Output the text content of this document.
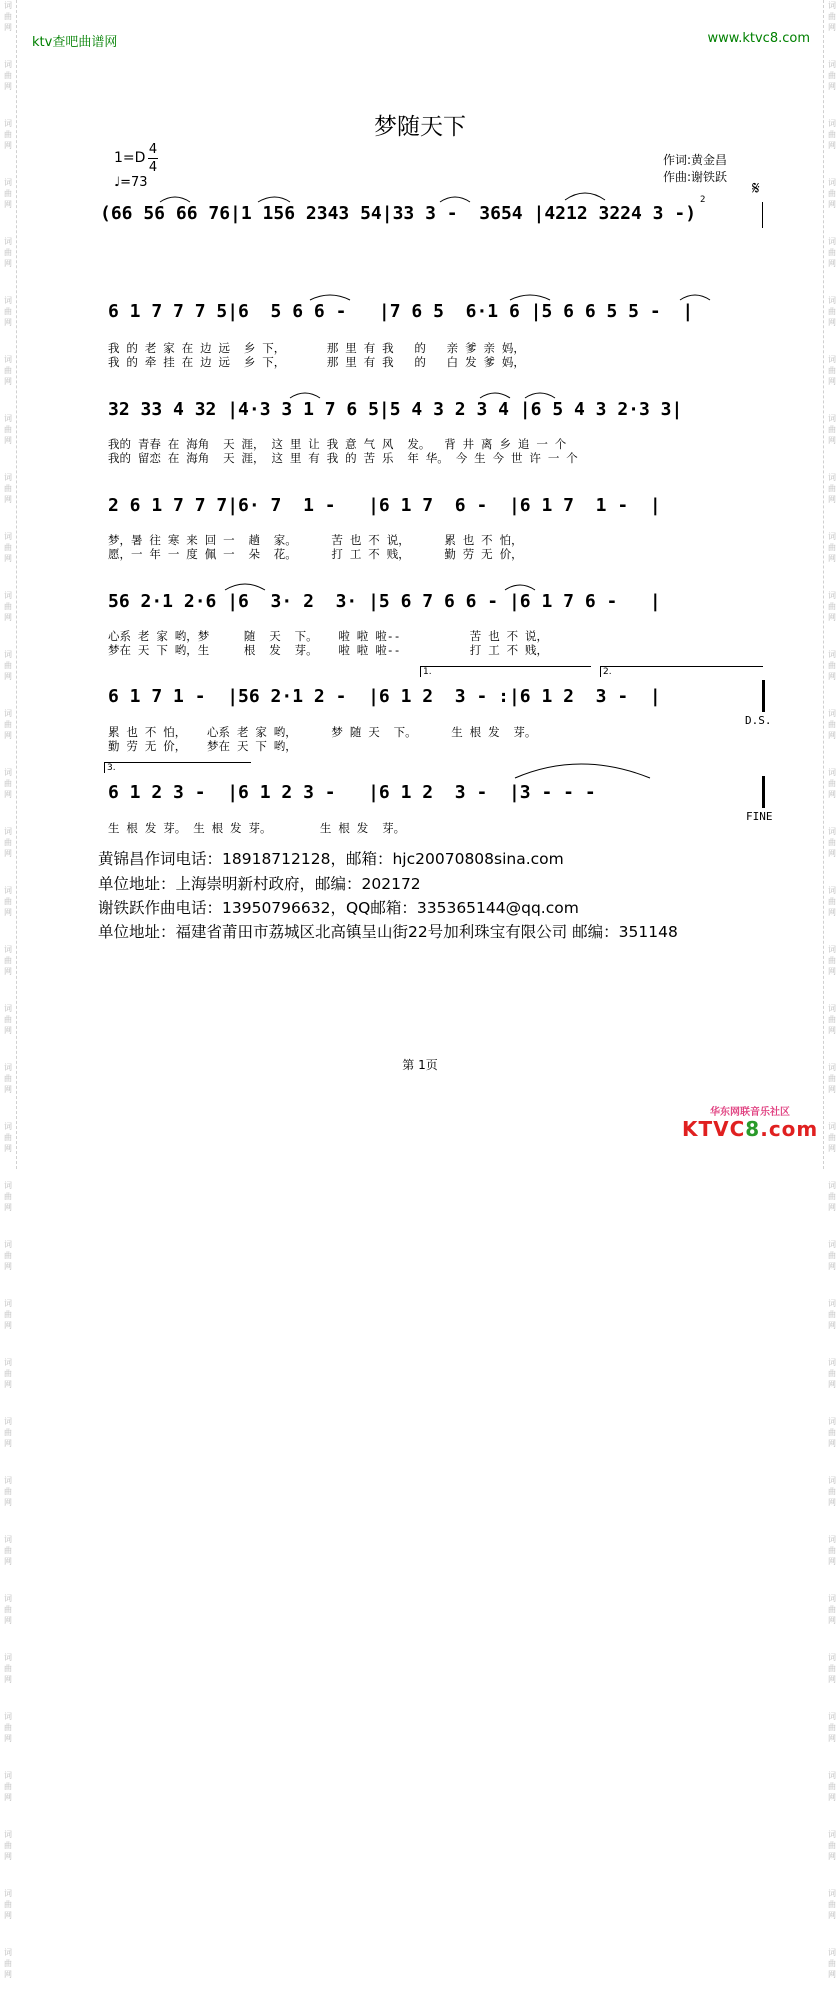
词
曲
网
词
曲
网
词
曲
网
词
曲
网
词
曲
网
词
曲
网
词
曲
网
词
曲
网
词
曲
网
词
曲
网
词
曲
网
词
曲
网
词
曲
网
词
曲
网
词
曲
网
词
曲
网
词
曲
网
词
曲
网
词
曲
网
词
曲
网
词
曲
网
词
曲
网
词
曲
网
词
曲
网
词
曲
网
词
曲
网
词
曲
网
词
曲
网
词
曲
网
词
曲
网
词
曲
网
词
曲
网
词
曲
网
词
曲
网
词
曲
网
词
曲
网
词
曲
网
词
曲
网
词
曲
网
词
曲
网
词
曲
网
词
曲
网
词
曲
网
词
曲
网
词
曲
网
词
曲
网
词
曲
网
词
曲
网
词
曲
网
词
曲
网
词
曲
网
词
曲
网
词
曲
网
词
曲
网
词
曲
网
词
曲
网
词
曲
网
词
曲
网
词
曲
网
词
曲
网
词
曲
网
词
曲
网
词
曲
网
词
曲
网
词
曲
网
词
曲
网
词
曲
网
词
曲
网
ktv查吧曲谱网	www.ktvc8.com
梦随天下
1=D
4
4
♩=73
作词:黄金昌
作曲:谢铁跃
(66 56 66 76|1 156 2343 54|33 3 -  3654 |4212 3224 3 -)
2
𝄋
6 1 7 7 7 5|6  5 6 6 -   |7 6 5  6·1 6 |5 6 6 5 5 -  |
我 的 老 家 在 边 远  乡 下，      那 里 有 我   的   亲 爹 亲 妈，
我 的 牵 挂 在 边 远  乡 下，      那 里 有 我   的   白 发 爹 妈，
32 33 4 32 |4·3 3 1 7 6 5|5 4 3 2 3 4 |6 5 4 3 2·3 3|
我的 青春 在 海角  天 涯， 这 里 让 我 意 气 风  发。  背 井 离 乡 追 一 个
我的 留恋 在 海角  天 涯， 这 里 有 我 的 苦 乐  年 华。 今 生 今 世 许 一 个
2 6 1 7 7 7|6· 7  1 -   |6 1 7  6 -  |6 1 7  1 -  |
梦，暑 往 寒 来 回 一  趟  家。     苦 也 不 说，     累 也 不 怕，
愿，一 年 一 度 佩 一  朵  花。     打 工 不 贱，     勤 劳 无 价，
56 2·1 2·6 |6  3· 2  3· |5 6 7 6 6 - |6 1 7 6 -   |
心系 老 家 哟，梦     随  天  下。   啦 啦 啦--          苦 也 不 说，
梦在 天 下 哟，生     根  发  芽。   啦 啦 啦--          打 工 不 贱，
1.	2.
6 1 7 1 -  |56 2·1 2 -  |6 1 2  3 - :|6 1 2  3 -  |
D.S.
累 也 不 怕，   心系 老 家 哟，     梦 随 天  下。     生 根 发  芽。
勤 劳 无 价，   梦在 天 下 哟，
3.
6 1 2 3 -  |6 1 2 3 -   |6 1 2  3 -  |3 - - -
FINE
生 根 发 芽。 生 根 发 芽。       生 根 发  芽。
黄锦昌作词电话：18918712128，邮箱：hjc20070808sina.com
单位地址：上海崇明新村政府，邮编：202172
谢铁跃作曲电话：13950796632，QQ邮箱：335365144@qq.com
单位地址：福建省莆田市荔城区北高镇呈山街22号加利珠宝有限公司 邮编：351148
第 1页
华东网联音乐社区
KTVC8.com
